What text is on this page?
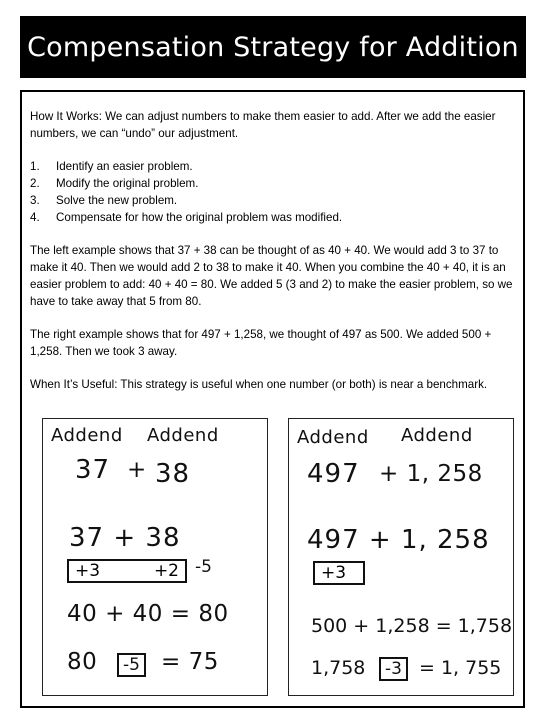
Compensation Strategy for Addition

How It Works: We can adjust numbers to make them easier to add. After we add the easier numbers, we can “undo” our adjustment.

1.	Identify an easier problem.
2.	Modify the original problem.
3.	Solve the new problem.
4.	Compensate for how the original problem was modified.

The left example shows that 37 + 38 can be thought of as 40 + 40. We would add 3 to 37 to make it 40. Then we would add 2 to 38 to make it 40. When you combine the 40 + 40, it is an easier problem to add: 40 + 40 = 80. We added 5 (3 and 2) to make the easier problem, so we have to take away that 5 from 80.

The right example shows that for 497 + 1,258, we thought of 497 as 500. We added 500 + 1,258. Then we took 3 away.

When It’s Useful: This strategy is useful when one number (or both) is near a benchmark.

Addend Addend
37 + 38
37 + 38
+3	+2 -5
40 + 40 = 80
80	-5 = 75
Addend Addend
497 + 1, 258
497 + 1, 258
+3
500 + 1,258 = 1,758
1,758	-3 = 1, 755
